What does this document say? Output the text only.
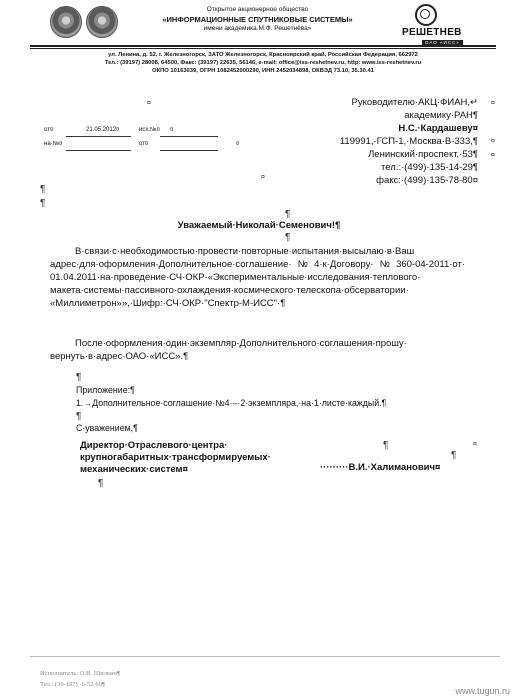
Открытое акционерное общество
«ИНФОРМАЦИОННЫЕ СПУТНИКОВЫЕ СИСТЕМЫ»
имени академика М.Ф. Решетнёва»	РЕШЕТНЕВ
ОАО «ИСС»
ул. Ленина, д. 52, г. Железногорск, ЗАТО Железногорск, Красноярский край, Российская Федерация, 662972
Тел.: (39197) 28008, 64500, Факс: (39197) 22635, 56146, e-mail: office@iss-reshetnev.ru, http: www.iss-reshetnev.ru
ОКПО 10163039, ОГРН 1082452000290, ИНН 2452034898, ОКВЭД 73.10, 35.30.41
¤
от¤	21.05.2012¤	исх.№¤ ¤
на·№¤	от¤	¤
¤
Руководителю·АКЦ·ФИАН,↵
академику·РАН¶
Н.С.·Кардашеву¤
119991,·ГСП-1,·Москва·В-333,¶
Ленинский·проспект,·53¶
тел.:·(499)·135-14-29¶
факс:·(499)·135-78-80¤
¤
¤
¤
¶
¶
¶
Уважаемый·Николай·Семенович!¶
¶
В·связи·с·необходимостью·провести·повторные·испытания·высылаю·в·Ваш
адрес·для·оформления·Дополнительное·соглашение·№4·к·Договору·№360-04-2011·от·
01.04.2011·на·проведение·СЧ·ОКР·«Экспериментальные·исследования·теплового·
макета·системы·пассивного·охлаждения·космического·телескопа·обсерватории·
«Миллиметрон»»,·Шифр:·СЧ·ОКР·"Спектр-М-ИСС"·¶
После·оформления·один·экземпляр·Дополнительного·соглашения·прошу·
вернуть·в·адрес·ОАО·«ИСС».¶
¶
Приложение:¶
1.→Дополнительное·соглашение·№4·–·2·экземпляра,·на·1·листе·каждый.¶
¶
С·уважением,¶
Директор·Отраслевого·центра·
крупногабаритных·трансформируемых·
механических·систем¤
¶
¶
¤
·········В.И.·Халиманович¤
¶
Исполнитель: О.В. Шилкин¶
Тел.: (39-197) ·6-52-69¶
www.tugun.ru
